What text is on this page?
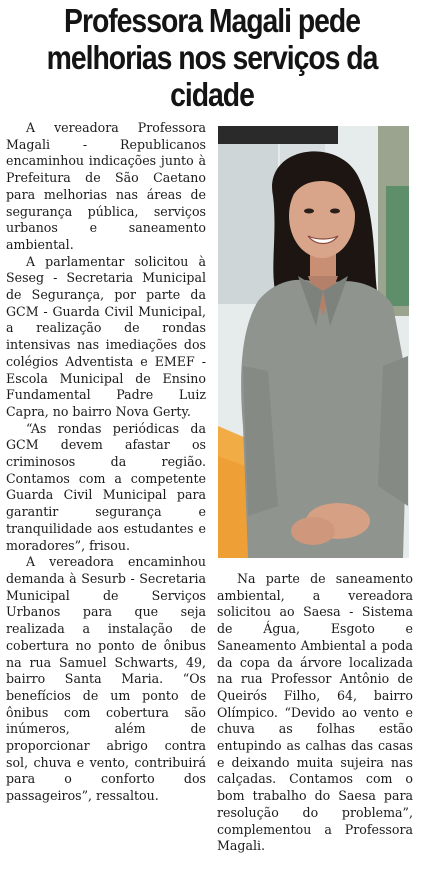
Professora Magali pede
melhorias nos serviços da cidade

A vereadora Professora Magali - Republicanos encaminhou indicações junto à Prefeitura de São Caetano para melhorias nas áreas de segurança pública, serviços urbanos e saneamento ambiental.

A parlamentar solicitou à Seseg - Secretaria Municipal de Segurança, por parte da GCM - Guarda Civil Municipal, a realização de rondas intensivas nas imediações dos colégios Adventista e EMEF - Escola Municipal de Ensino Fundamental Padre Luiz Capra, no bairro Nova Gerty.

“As rondas periódicas da GCM devem afastar os criminosos da região. Contamos com a competente Guarda Civil Municipal para garantir segurança e tranquilidade aos estudantes e moradores”, frisou.

A vereadora encaminhou demanda à Sesurb - Secretaria Municipal de Serviços Urbanos para que seja realizada a instalação de cobertura no ponto de ônibus na rua Samuel Schwarts, 49, bairro Santa Maria. “Os benefícios de um ponto de ônibus com cobertura são inúmeros, além de proporcionar abrigo contra sol, chuva e vento, contribuirá para o conforto dos passageiros”, ressaltou.

Na parte de saneamento ambiental, a vereadora solicitou ao Saesa - Sistema de Água, Esgoto e Saneamento Ambiental a poda da copa da árvore localizada na rua Professor Antônio de Queirós Filho, 64, bairro Olímpico. “Devido ao vento e chuva as folhas estão entupindo as calhas das casas e deixando muita sujeira nas calçadas. Contamos com o bom trabalho do Saesa para resolução do problema”, complementou a Professora Magali.
